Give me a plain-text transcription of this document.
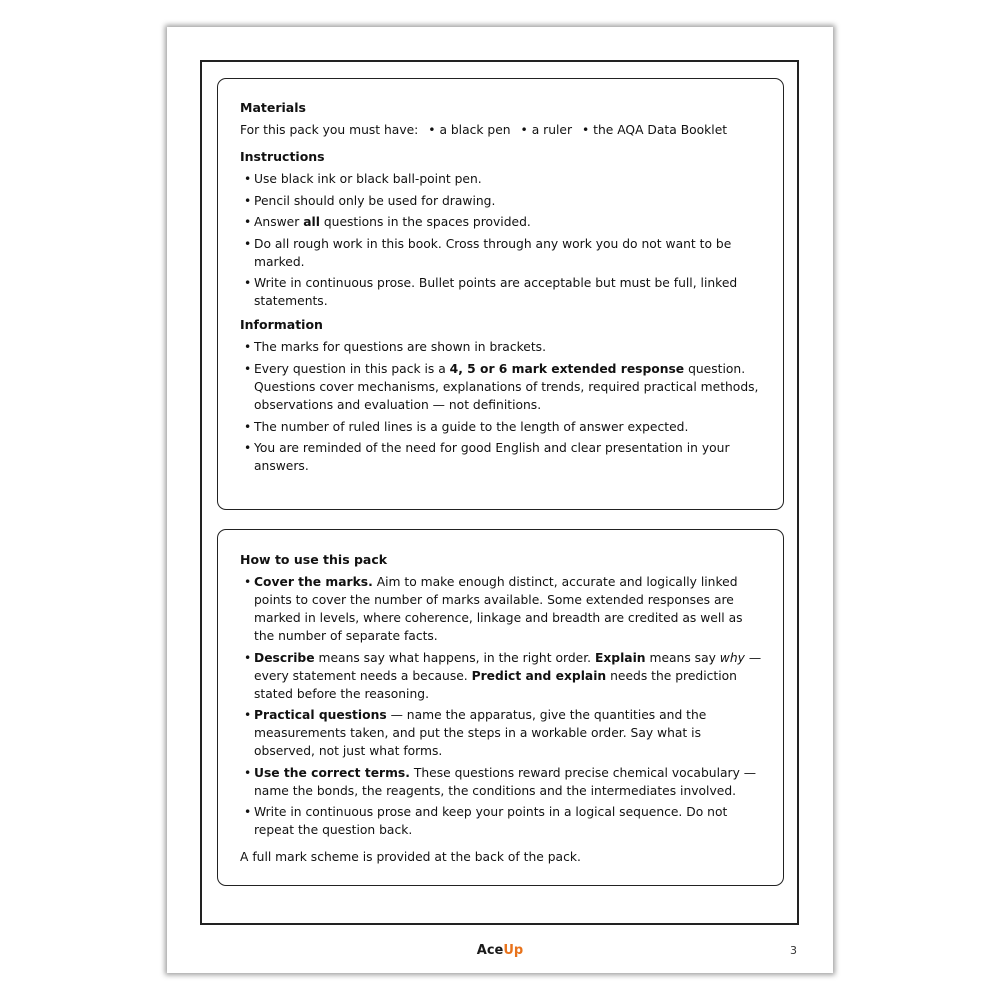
Materials
For this pack you must have: • a black pen • a ruler • the AQA Data Booklet
Instructions
• Use black ink or black ball-point pen.
• Pencil should only be used for drawing.
• Answer all questions in the spaces provided.
• Do all rough work in this book. Cross through any work you do not want to be marked.
• Write in continuous prose. Bullet points are acceptable but must be full, linked statements.
Information
• The marks for questions are shown in brackets.
• Every question in this pack is a 4, 5 or 6 mark extended response question. Questions cover mechanisms, explanations of trends, required practical methods, observations and evaluation — not definitions.
• The number of ruled lines is a guide to the length of answer expected.
• You are reminded of the need for good English and clear presentation in your answers.
How to use this pack
• Cover the marks. Aim to make enough distinct, accurate and logically linked points to cover the number of marks available. Some extended responses are marked in levels, where coherence, linkage and breadth are credited as well as the number of separate facts.
• Describe means say what happens, in the right order. Explain means say why — every statement needs a because. Predict and explain needs the prediction stated before the reasoning.
• Practical questions — name the apparatus, give the quantities and the measurements taken, and put the steps in a workable order. Say what is observed, not just what forms.
• Use the correct terms. These questions reward precise chemical vocabulary — name the bonds, the reagents, the conditions and the intermediates involved.
• Write in continuous prose and keep your points in a logical sequence. Do not repeat the question back.
A full mark scheme is provided at the back of the pack.
AceUp	3
